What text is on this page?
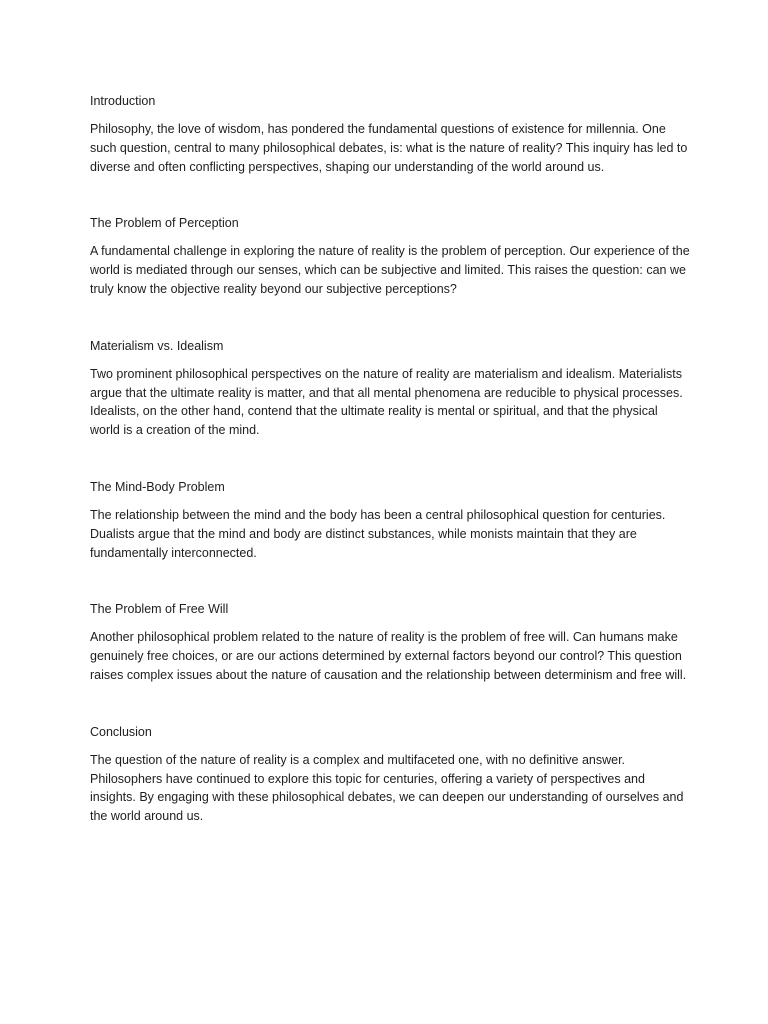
Introduction

Philosophy, the love of wisdom, has pondered the fundamental questions of existence for millennia. One such question, central to many philosophical debates, is: what is the nature of reality? This inquiry has led to diverse and often conflicting perspectives, shaping our understanding of the world around us.

The Problem of Perception

A fundamental challenge in exploring the nature of reality is the problem of perception. Our experience of the world is mediated through our senses, which can be subjective and limited. This raises the question: can we truly know the objective reality beyond our subjective perceptions?

Materialism vs. Idealism

Two prominent philosophical perspectives on the nature of reality are materialism and idealism. Materialists argue that the ultimate reality is matter, and that all mental phenomena are reducible to physical processes. Idealists, on the other hand, contend that the ultimate reality is mental or spiritual, and that the physical world is a creation of the mind.

The Mind-Body Problem

The relationship between the mind and the body has been a central philosophical question for centuries. Dualists argue that the mind and body are distinct substances, while monists maintain that they are fundamentally interconnected.

The Problem of Free Will

Another philosophical problem related to the nature of reality is the problem of free will. Can humans make genuinely free choices, or are our actions determined by external factors beyond our control? This question raises complex issues about the nature of causation and the relationship between determinism and free will.

Conclusion

The question of the nature of reality is a complex and multifaceted one, with no definitive answer. Philosophers have continued to explore this topic for centuries, offering a variety of perspectives and insights. By engaging with these philosophical debates, we can deepen our understanding of ourselves and the world around us.
